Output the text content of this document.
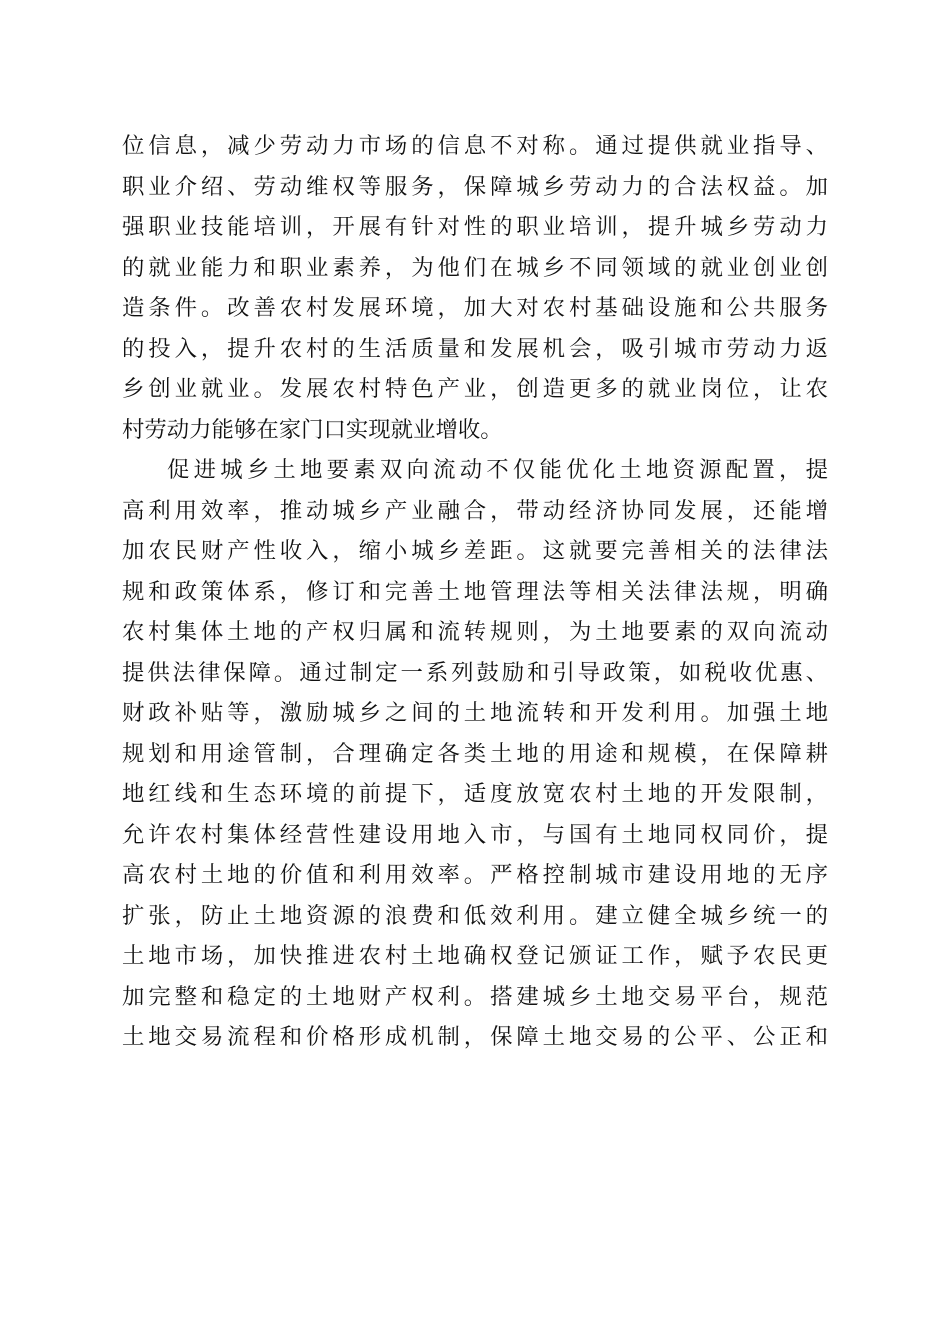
位信息，减少劳动力市场的信息不对称。通过提供就业指导、
职业介绍、劳动维权等服务，保障城乡劳动力的合法权益。加
强职业技能培训，开展有针对性的职业培训，提升城乡劳动力
的就业能力和职业素养，为他们在城乡不同领域的就业创业创
造条件。改善农村发展环境，加大对农村基础设施和公共服务
的投入，提升农村的生活质量和发展机会，吸引城市劳动力返
乡创业就业。发展农村特色产业，创造更多的就业岗位，让农
村劳动力能够在家门口实现就业增收。
促进城乡土地要素双向流动不仅能优化土地资源配置，提
高利用效率，推动城乡产业融合，带动经济协同发展，还能增
加农民财产性收入，缩小城乡差距。这就要完善相关的法律法
规和政策体系，修订和完善土地管理法等相关法律法规，明确
农村集体土地的产权归属和流转规则，为土地要素的双向流动
提供法律保障。通过制定一系列鼓励和引导政策，如税收优惠、
财政补贴等，激励城乡之间的土地流转和开发利用。加强土地
规划和用途管制，合理确定各类土地的用途和规模，在保障耕
地红线和生态环境的前提下，适度放宽农村土地的开发限制，
允许农村集体经营性建设用地入市，与国有土地同权同价，提
高农村土地的价值和利用效率。严格控制城市建设用地的无序
扩张，防止土地资源的浪费和低效利用。建立健全城乡统一的
土地市场，加快推进农村土地确权登记颁证工作，赋予农民更
加完整和稳定的土地财产权利。搭建城乡土地交易平台，规范
土地交易流程和价格形成机制，保障土地交易的公平、公正和
